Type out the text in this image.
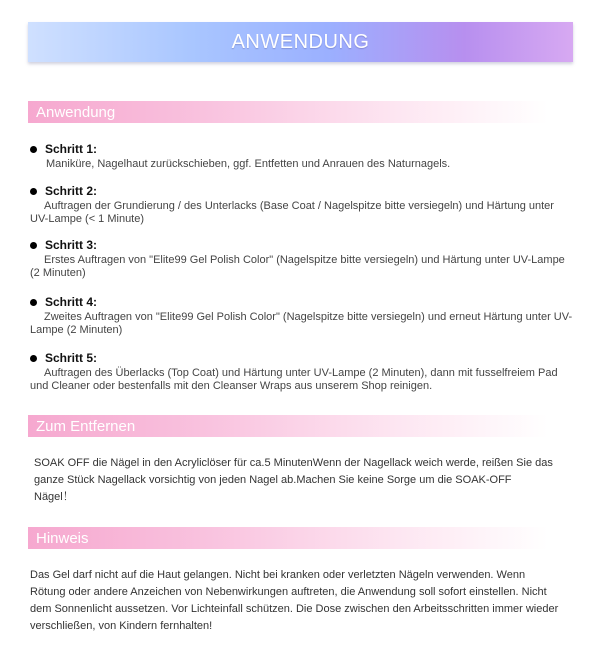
ANWENDUNG
Anwendung
Schritt 1:
Maniküre, Nagelhaut zurückschieben, ggf. Entfetten und Anrauen des Naturnagels.
Schritt 2:
Auftragen der Grundierung / des Unterlacks (Base Coat / Nagelspitze bitte versiegeln) und Härtung unter UV-Lampe (< 1 Minute)
Schritt 3:
Erstes Auftragen von "Elite99 Gel Polish Color" (Nagelspitze bitte versiegeln) und Härtung unter UV-Lampe (2 Minuten)
Schritt 4:
Zweites Auftragen von "Elite99 Gel Polish Color" (Nagelspitze bitte versiegeln) und erneut Härtung unter UV-Lampe (2 Minuten)
Schritt 5:
Auftragen des Überlacks (Top Coat) und Härtung unter UV-Lampe (2 Minuten), dann mit fusselfreiem Pad und Cleaner oder bestenfalls mit den Cleanser Wraps aus unserem Shop reinigen.
Zum Entfernen
SOAK OFF die Nägel in den Acryliclöser für ca.5 MinutenWenn der Nagellack weich werde, reißen Sie das ganze Stück Nagellack vorsichtig von jeden Nagel ab.Machen Sie keine Sorge um die SOAK-OFF Nägel！
Hinweis
Das Gel darf nicht auf die Haut gelangen. Nicht bei kranken oder verletzten Nägeln verwenden. Wenn Rötung oder andere Anzeichen von Nebenwirkungen auftreten, die Anwendung soll sofort einstellen. Nicht dem Sonnenlicht aussetzen. Vor Lichteinfall schützen. Die Dose zwischen den Arbeitsschritten immer wieder verschließen, von Kindern fernhalten!
